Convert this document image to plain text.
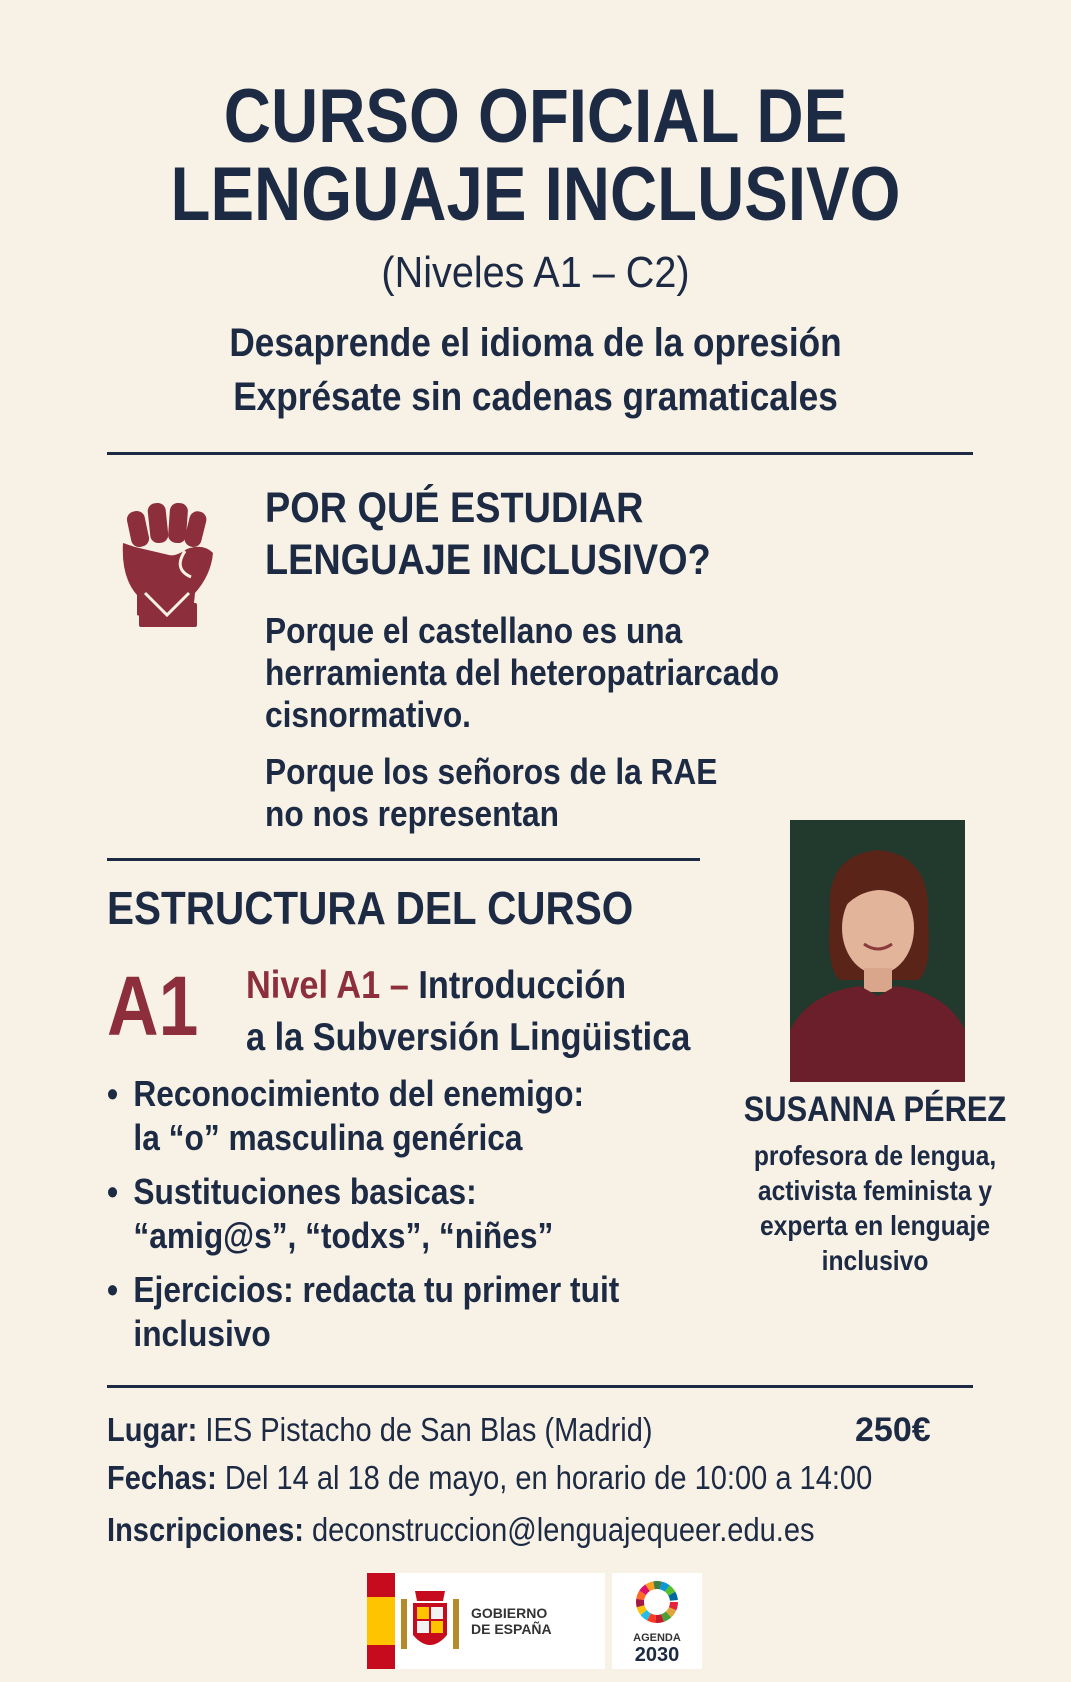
CURSO OFICIAL DE
LENGUAJE INCLUSIVO
(Niveles A1 – C2)
Desaprende el idioma de la opresión
Exprésate sin cadenas gramaticales
POR QUÉ ESTUDIAR
LENGUAJE INCLUSIVO?
Porque el castellano es una
herramienta del heteropatriarcado
cisnormativo.
Porque los señoros de la RAE
no nos representan
ESTRUCTURA DEL CURSO
A1 Nivel A1 – Introducción
a la Subversión Lingüistica
• Reconocimiento del enemigo:
la “o” masculina genérica
• Sustituciones basicas:
“amig@s”, “todxs”, “niñes”
• Ejercicios: redacta tu primer tuit
inclusivo
SUSANNA PÉREZ
profesora de lengua,
activista feminista y
experta en lenguaje
inclusivo
Lugar: IES Pistacho de San Blas (Madrid)	250€
Fechas: Del 14 al 18 de mayo, en horario de 10:00 a 14:00
Inscripciones: deconstruccion@lenguajequeer.edu.es
GOBIERNO
DE ESPAÑA
AGENDA
2030
